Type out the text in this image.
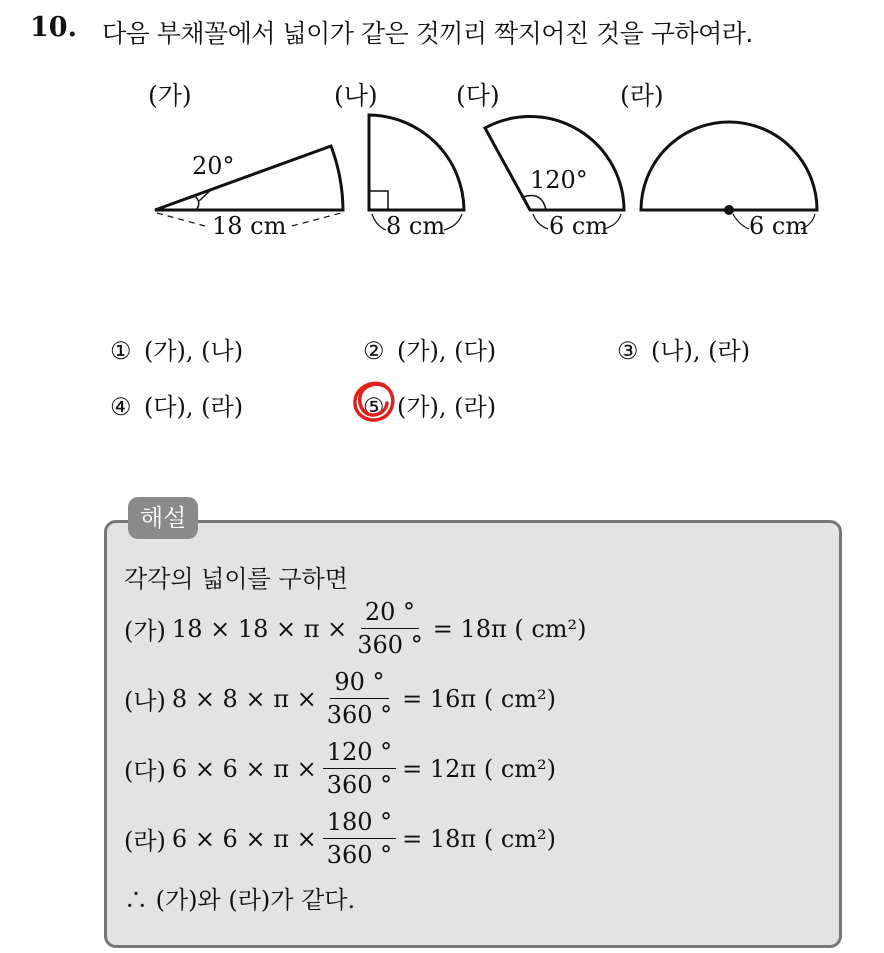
10. 다음 부채꼴에서 넓이가 같은 것끼리 짝지어진 것을 구하여라.
(가)
20°
18 cm
(나)
8 cm
(다)
120°
6 cm
(라)
6 cm
① (가), (나)	② (가), (다)	③ (나), (라)
④ (다), (라)	⑤ (가), (라)
해설
각각의 넓이를 구하면
(가) $18 \times 18 \times \pi \times \frac{20 ^\circ}{360 ^\circ} = 18\pi$ ( cm²)
(나) $8 \times 8 \times \pi \times \frac{90 ^\circ}{360 ^\circ} = 16\pi$ ( cm²)
(다) $6 \times 6 \times \pi \times \frac{120 ^\circ}{360 ^\circ} = 12\pi$ ( cm²)
(라) $6 \times 6 \times \pi \times \frac{180 ^\circ}{360 ^\circ} = 18\pi$ ( cm²)
∴ (가)와 (라)가 같다.
